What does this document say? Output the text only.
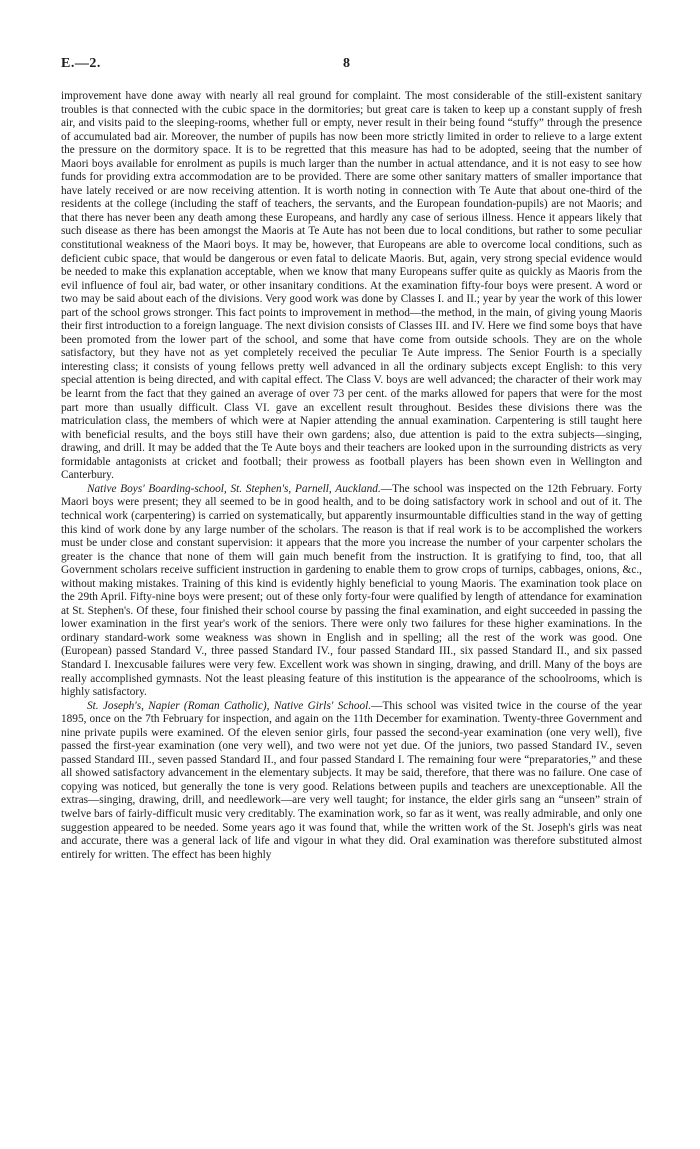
E.—2.	8

improvement have done away with nearly all real ground for complaint. The most considerable of the still-existent sanitary troubles is that connected with the cubic space in the dormitories; but great care is taken to keep up a constant supply of fresh air, and visits paid to the sleeping-rooms, whether full or empty, never result in their being found “stuffy” through the presence of accumulated bad air. Moreover, the number of pupils has now been more strictly limited in order to relieve to a large extent the pressure on the dormitory space. It is to be regretted that this measure has had to be adopted, seeing that the number of Maori boys available for enrolment as pupils is much larger than the number in actual attendance, and it is not easy to see how funds for providing extra accommodation are to be provided. There are some other sanitary matters of smaller importance that have lately received or are now receiving attention. It is worth noting in connection with Te Aute that about one-third of the residents at the college (including the staff of teachers, the servants, and the European foundation-pupils) are not Maoris; and that there has never been any death among these Europeans, and hardly any case of serious illness. Hence it appears likely that such disease as there has been amongst the Maoris at Te Aute has not been due to local conditions, but rather to some peculiar constitutional weakness of the Maori boys. It may be, however, that Europeans are able to overcome local conditions, such as deficient cubic space, that would be dangerous or even fatal to delicate Maoris. But, again, very strong special evidence would be needed to make this explanation acceptable, when we know that many Europeans suffer quite as quickly as Maoris from the evil influence of foul air, bad water, or other insanitary conditions. At the examination fifty-four boys were present. A word or two may be said about each of the divisions. Very good work was done by Classes I. and II.; year by year the work of this lower part of the school grows stronger. This fact points to improvement in method—the method, in the main, of giving young Maoris their first introduction to a foreign language. The next division consists of Classes III. and IV. Here we find some boys that have been promoted from the lower part of the school, and some that have come from outside schools. They are on the whole satisfactory, but they have not as yet completely received the peculiar Te Aute impress. The Senior Fourth is a specially interesting class; it consists of young fellows pretty well advanced in all the ordinary subjects except English: to this very special attention is being directed, and with capital effect. The Class V. boys are well advanced; the character of their work may be learnt from the fact that they gained an average of over 73 per cent. of the marks allowed for papers that were for the most part more than usually difficult. Class VI. gave an excellent result throughout. Besides these divisions there was the matriculation class, the members of which were at Napier attending the annual examination. Carpentering is still taught here with beneficial results, and the boys still have their own gardens; also, due attention is paid to the extra subjects—singing, drawing, and drill. It may be added that the Te Aute boys and their teachers are looked upon in the surrounding districts as very formidable antagonists at cricket and football; their prowess as football players has been shown even in Wellington and Canterbury.

Native Boys' Boarding-school, St. Stephen's, Parnell, Auckland.—The school was inspected on the 12th February. Forty Maori boys were present; they all seemed to be in good health, and to be doing satisfactory work in school and out of it. The technical work (carpentering) is carried on systematically, but apparently insurmountable difficulties stand in the way of getting this kind of work done by any large number of the scholars. The reason is that if real work is to be accomplished the workers must be under close and constant supervision: it appears that the more you increase the number of your carpenter scholars the greater is the chance that none of them will gain much benefit from the instruction. It is gratifying to find, too, that all Government scholars receive sufficient instruction in gardening to enable them to grow crops of turnips, cabbages, onions, &c., without making mistakes. Training of this kind is evidently highly beneficial to young Maoris. The examination took place on the 29th April. Fifty-nine boys were present; out of these only forty-four were qualified by length of attendance for examination at St. Stephen's. Of these, four finished their school course by passing the final examination, and eight succeeded in passing the lower examination in the first year's work of the seniors. There were only two failures for these higher examinations. In the ordinary standard-work some weakness was shown in English and in spelling; all the rest of the work was good. One (European) passed Standard V., three passed Standard IV., four passed Standard III., six passed Standard II., and six passed Standard I. Inexcusable failures were very few. Excellent work was shown in singing, drawing, and drill. Many of the boys are really accomplished gymnasts. Not the least pleasing feature of this institution is the appearance of the schoolrooms, which is highly satisfactory.

St. Joseph's, Napier (Roman Catholic), Native Girls' School.—This school was visited twice in the course of the year 1895, once on the 7th February for inspection, and again on the 11th December for examination. Twenty-three Government and nine private pupils were examined. Of the eleven senior girls, four passed the second-year examination (one very well), five passed the first-year examination (one very well), and two were not yet due. Of the juniors, two passed Standard IV., seven passed Standard III., seven passed Standard II., and four passed Standard I. The remaining four were “preparatories,” and these all showed satisfactory advancement in the elementary subjects. It may be said, therefore, that there was no failure. One case of copying was noticed, but generally the tone is very good. Relations between pupils and teachers are unexceptionable. All the extras—singing, drawing, drill, and needlework—are very well taught; for instance, the elder girls sang an “unseen” strain of twelve bars of fairly-difficult music very creditably. The examination work, so far as it went, was really admirable, and only one suggestion appeared to be needed. Some years ago it was found that, while the written work of the St. Joseph's girls was neat and accurate, there was a general lack of life and vigour in what they did. Oral examination was therefore substituted almost entirely for written. The effect has been highly
